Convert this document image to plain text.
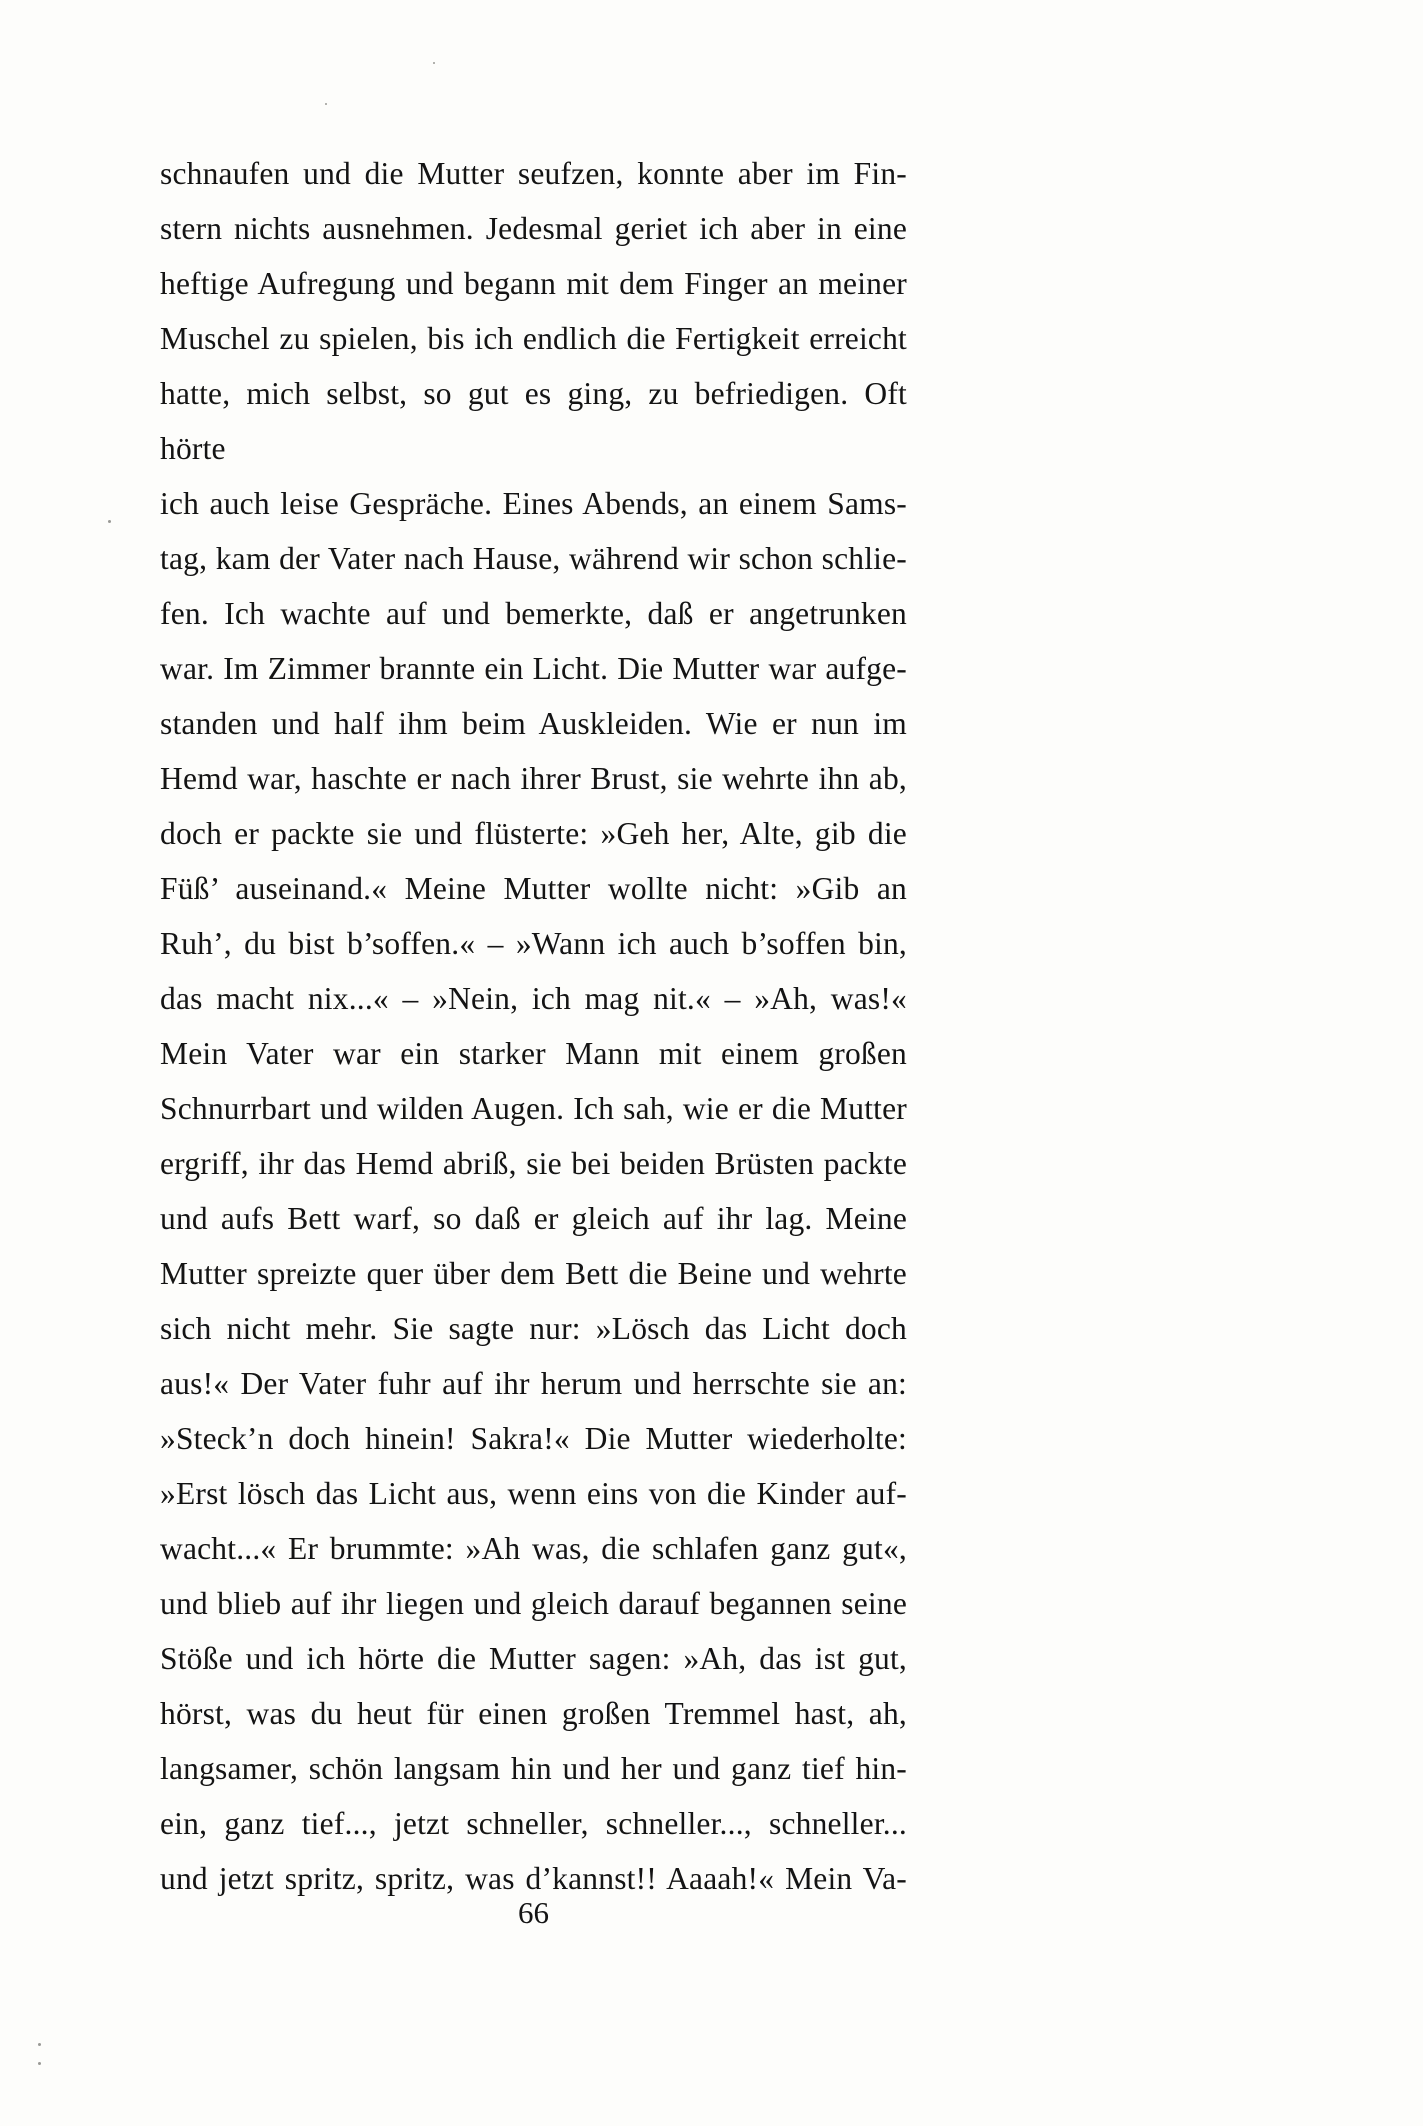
schnaufen und die Mutter seufzen, konnte aber im Fin-
stern nichts ausnehmen. Jedesmal geriet ich aber in eine
heftige Aufregung und begann mit dem Finger an meiner
Muschel zu spielen, bis ich endlich die Fertigkeit erreicht
hatte, mich selbst, so gut es ging, zu befriedigen. Oft hörte
ich auch leise Gespräche. Eines Abends, an einem Sams-
tag, kam der Vater nach Hause, während wir schon schlie-
fen. Ich wachte auf und bemerkte, daß er angetrunken
war. Im Zimmer brannte ein Licht. Die Mutter war aufge-
standen und half ihm beim Auskleiden. Wie er nun im
Hemd war, haschte er nach ihrer Brust, sie wehrte ihn ab,
doch er packte sie und flüsterte: »Geh her, Alte, gib die
Füß’ auseinand.« Meine Mutter wollte nicht: »Gib an
Ruh’, du bist b’soffen.« – »Wann ich auch b’soffen bin,
das macht nix...« – »Nein, ich mag nit.« – »Ah, was!«
Mein Vater war ein starker Mann mit einem großen
Schnurrbart und wilden Augen. Ich sah, wie er die Mutter
ergriff, ihr das Hemd abriß, sie bei beiden Brüsten packte
und aufs Bett warf, so daß er gleich auf ihr lag. Meine
Mutter spreizte quer über dem Bett die Beine und wehrte
sich nicht mehr. Sie sagte nur: »Lösch das Licht doch
aus!« Der Vater fuhr auf ihr herum und herrschte sie an:
»Steck’n doch hinein! Sakra!« Die Mutter wiederholte:
»Erst lösch das Licht aus, wenn eins von die Kinder auf-
wacht...« Er brummte: »Ah was, die schlafen ganz gut«,
und blieb auf ihr liegen und gleich darauf begannen seine
Stöße und ich hörte die Mutter sagen: »Ah, das ist gut,
hörst, was du heut für einen großen Tremmel hast, ah,
langsamer, schön langsam hin und her und ganz tief hin-
ein, ganz tief..., jetzt schneller, schneller..., schneller...
und jetzt spritz, spritz, was d’kannst!! Aaaah!« Mein Va-
66
